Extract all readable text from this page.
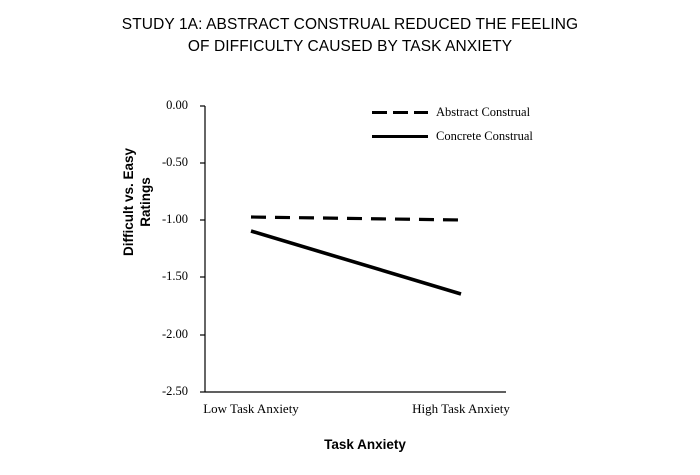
STUDY 1A: ABSTRACT CONSTRUAL REDUCED THE FEELING
OF DIFFICULTY CAUSED BY TASK ANXIETY
0.00
-0.50
-1.00
-1.50
-2.00
-2.50
Low Task Anxiety	High Task Anxiety
Difficult vs. Easy Ratings
Task Anxiety
Abstract Construal
Concrete Construal
